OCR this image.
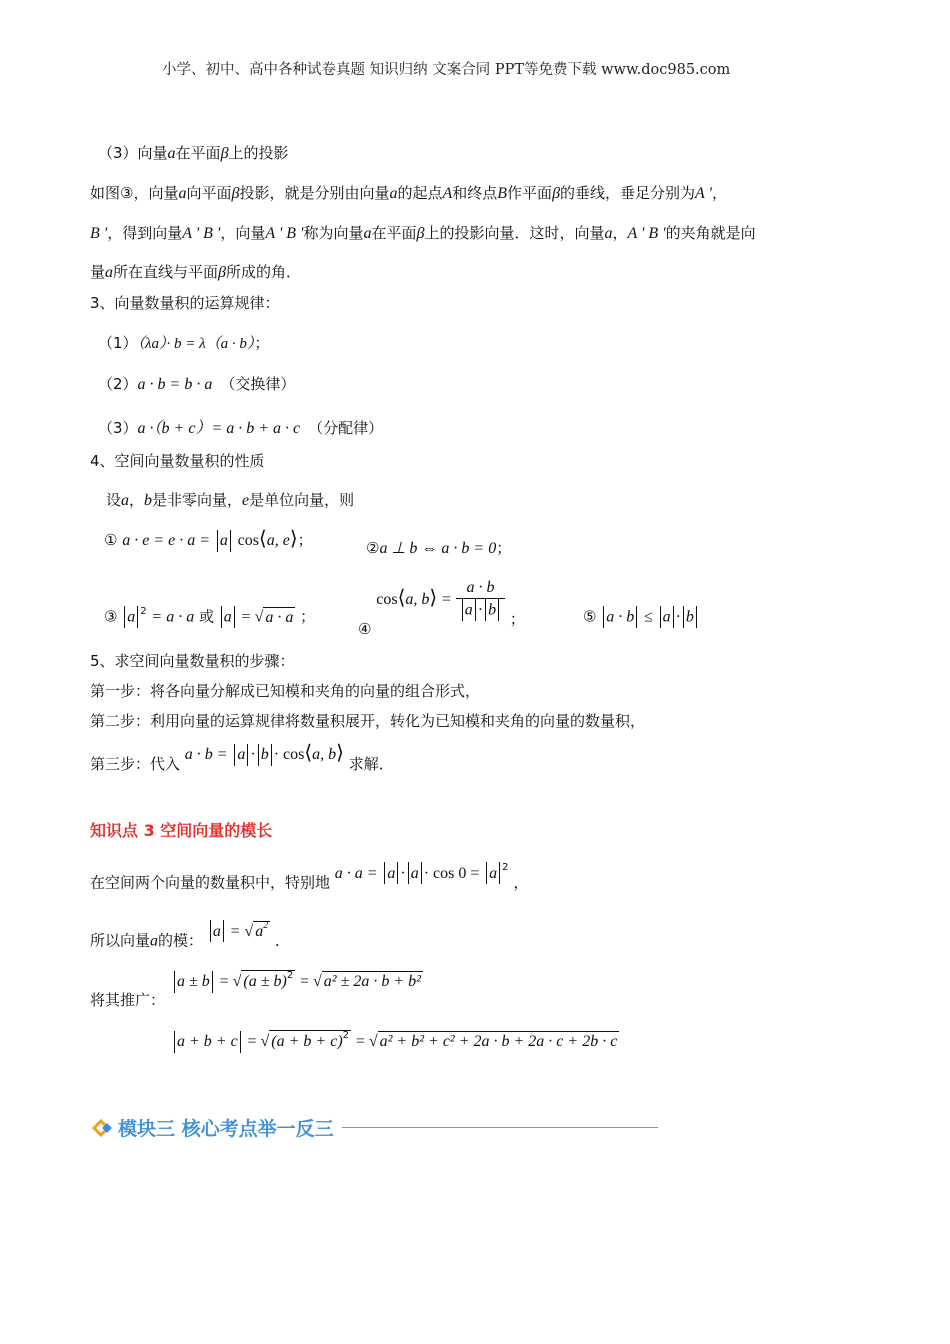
小学、初中、高中各种试卷真题 知识归纳 文案合同 PPT等免费下载 www.doc985.com
（3）向量a在平面β上的投影
如图③，向量a向平面β投影，就是分别由向量a的起点A和终点B作平面β的垂线，垂足分别为A '，
B '，得到向量A ' B '，向量A ' B '称为向量a在平面β上的投影向量．这时，向量a，A ' B '的夹角就是向
量a所在直线与平面β所成的角．
3、向量数量积的运算规律：
（1）（λa）· b = λ（a · b）；
（2）a · b = b · a （交换律）
（3）a ·（b + c）= a · b + a · c （分配律）
4、空间向量数量积的性质
设a，b是非零向量，e是单位向量，则
① a · e = e · a = a cos⟨a, e⟩；	②a ⊥ b ⇔ a · b = 0；
③ a $^2$ = a · a 或 a = √ a · a ；
④ cos⟨a, b⟩ = $\frac{a \cdot b}{a \cdot b}$ ；	⑤ a · b ≤ a · b
5、求空间向量数量积的步骤：
第一步：将各向量分解成已知模和夹角的向量的组合形式，
第二步：利用向量的运算规律将数量积展开，转化为已知模和夹角的向量的数量积，
第三步：代入 a · b = a · b · cos⟨a, b⟩ 求解．
知识点 3 空间向量的模长
在空间两个向量的数量积中，特别地 a · a = a · a · cos 0 = a $^2$ ，
所以向量a的模： a = √ $a^2$ ．
将其推广：
a ± b = √ $(a \pm b)^2$ = √ a² ± 2a · b + b²
a + b + c = √ $(a + b + c)^2$ = √ a² + b² + c² + 2a · b + 2a · c + 2b · c
模块三 核心考点举一反三
